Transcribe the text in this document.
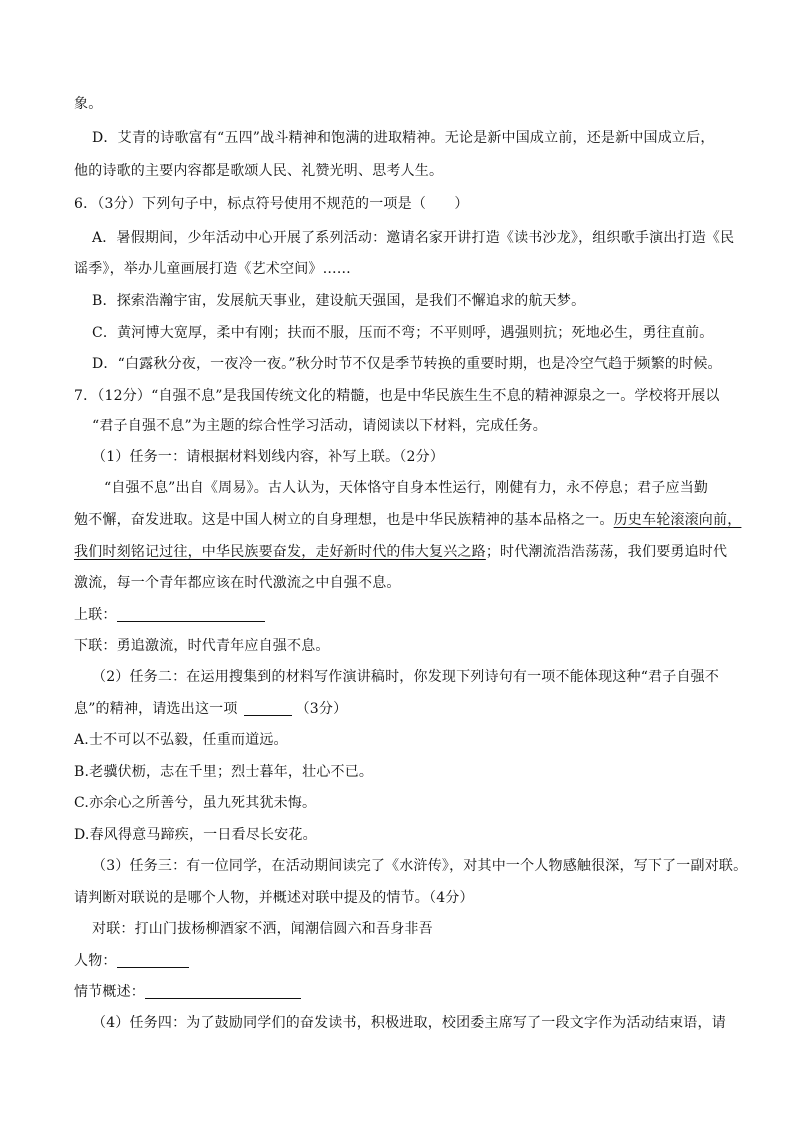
象。
D．艾青的诗歌富有“五四”战斗精神和饱满的进取精神。无论是新中国成立前，还是新中国成立后，
他的诗歌的主要内容都是歌颂人民、礼赞光明、思考人生。
6．（3分）下列句子中，标点符号使用不规范的一项是（　　）
A．暑假期间，少年活动中心开展了系列活动：邀请名家开讲打造《读书沙龙》，组织歌手演出打造《民
谣季》，举办儿童画展打造《艺术空间》……
B．探索浩瀚宇宙，发展航天事业，建设航天强国，是我们不懈追求的航天梦。
C．黄河博大宽厚，柔中有刚；扶而不服，压而不弯；不平则呼，遇强则抗；死地必生，勇往直前。
D．“白露秋分夜，一夜冷一夜。”秋分时节不仅是季节转换的重要时期，也是冷空气趋于频繁的时候。
7．（12分）“自强不息”是我国传统文化的精髓，也是中华民族生生不息的精神源泉之一。学校将开展以
“君子自强不息”为主题的综合性学习活动，请阅读以下材料，完成任务。
（1）任务一：请根据材料划线内容，补写上联。（2分）
“自强不息”出自《周易》。古人认为，天体恪守自身本性运行，刚健有力，永不停息；君子应当勤
勉不懈，奋发进取。这是中国人树立的自身理想，也是中华民族精神的基本品格之一。历史车轮滚滚向前，
我们时刻铭记过往，中华民族要奋发，走好新时代的伟大复兴之路；时代潮流浩浩荡荡，我们要勇追时代
激流，每一个青年都应该在时代激流之中自强不息。
上联：
下联：勇追激流，时代青年应自强不息。
（2）任务二：在运用搜集到的材料写作演讲稿时，你发现下列诗句有一项不能体现这种“君子自强不
息”的精神，请选出这一项	（3分）
A.士不可以不弘毅，任重而道远。
B.老骥伏枥，志在千里；烈士暮年，壮心不已。
C.亦余心之所善兮，虽九死其犹未悔。
D.春风得意马蹄疾，一日看尽长安花。
（3）任务三：有一位同学，在活动期间读完了《水浒传》，对其中一个人物感触很深，写下了一副对联。
请判断对联说的是哪个人物，并概述对联中提及的情节。（4分）
对联：打山门拔杨柳酒家不洒，闻潮信圆六和吾身非吾
人物：
情节概述：
（4）任务四：为了鼓励同学们的奋发读书，积极进取，校团委主席写了一段文字作为活动结束语，请
